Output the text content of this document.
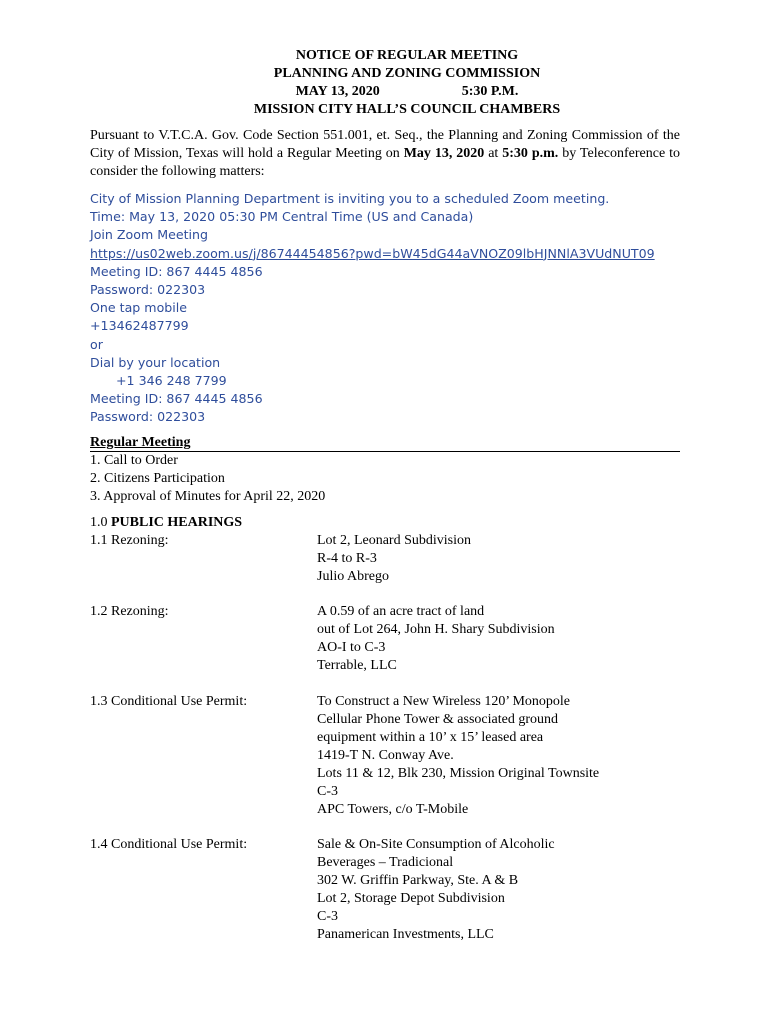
NOTICE OF REGULAR MEETING
PLANNING AND ZONING COMMISSION
MAY 13, 2020	5:30 P.M.
MISSION CITY HALL’S COUNCIL CHAMBERS
Pursuant to V.T.C.A. Gov. Code Section 551.001, et. Seq., the Planning and Zoning Commission of the City of Mission, Texas will hold a Regular Meeting on May 13, 2020 at 5:30 p.m. by Teleconference to consider the following matters:
City of Mission Planning Department is inviting you to a scheduled Zoom meeting.
Time: May 13, 2020 05:30 PM Central Time (US and Canada)
Join Zoom Meeting
https://us02web.zoom.us/j/86744454856?pwd=bW45dG44aVNOZ09lbHJNNlA3VUdNUT09
Meeting ID: 867 4445 4856
Password: 022303
One tap mobile
+13462487799
or
Dial by your location
+1 346 248 7799
Meeting ID: 867 4445 4856
Password: 022303
Regular Meeting
1. Call to Order
2. Citizens Participation
3. Approval of Minutes for April 22, 2020
1.0 PUBLIC HEARINGS
1.1 Rezoning:	Lot 2, Leonard Subdivision
R-4 to R-3
Julio Abrego
1.2 Rezoning:	A 0.59 of an acre tract of land
out of Lot 264, John H. Shary Subdivision
AO-I to C-3
Terrable, LLC
1.3 Conditional Use Permit:	To Construct a New Wireless 120’ Monopole
Cellular Phone Tower & associated ground
equipment within a 10’ x 15’ leased area
1419-T N. Conway Ave.
Lots 11 & 12, Blk 230, Mission Original Townsite
C-3
APC Towers, c/o T-Mobile
1.4 Conditional Use Permit:	Sale & On-Site Consumption of Alcoholic
Beverages – Tradicional
302 W. Griffin Parkway, Ste. A & B
Lot 2, Storage Depot Subdivision
C-3
Panamerican Investments, LLC
